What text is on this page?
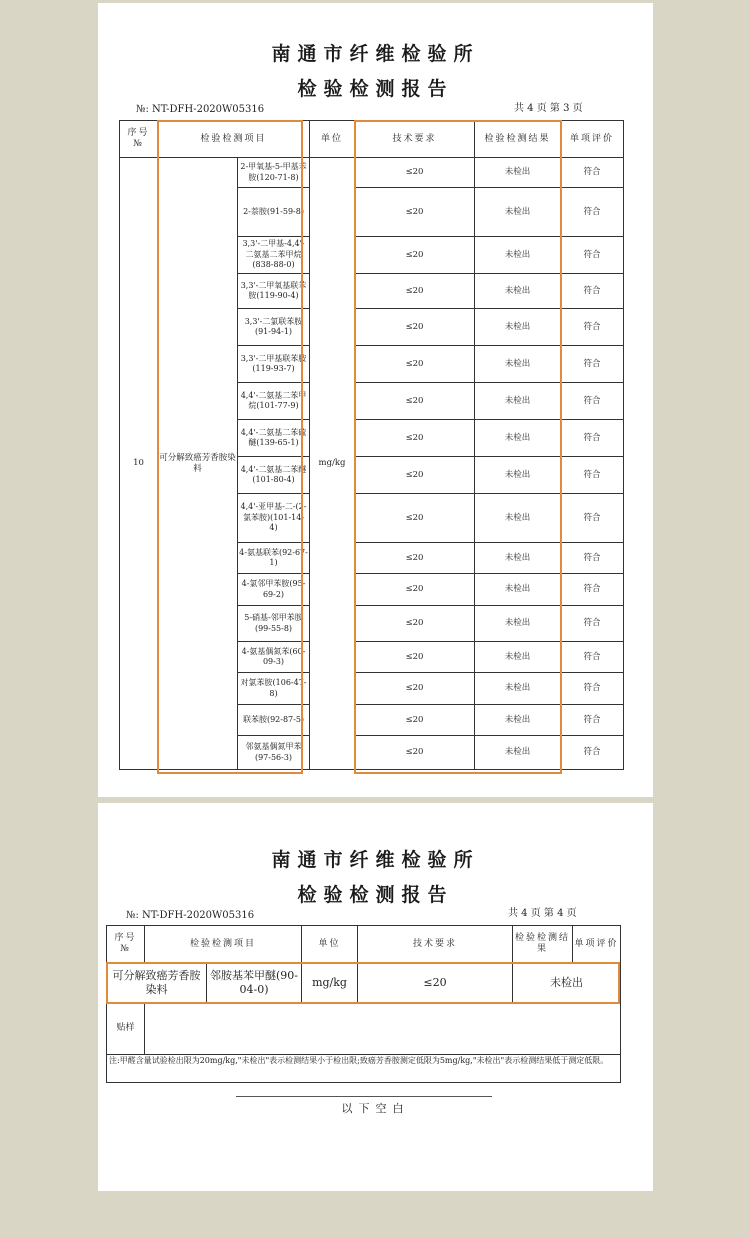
南通市纤维检验所
检验检测报告
№: NT-DFH-2020W05316	共 4 页 第 3 页
序号 №	检验检测项目		单位	技术要求	检验检测结果	单项评价
10	可分解致癌芳香胺染料	2-甲氧基-5-甲基苯胺(120-71-8)	mg/kg	≤20	未检出	符合
		2-萘胺(91-59-8)		≤20	未检出	符合
		3,3'-二甲基-4,4'-二氨基二苯甲烷(838-88-0)		≤20	未检出	符合
		3,3'-二甲氧基联苯胺(119-90-4)		≤20	未检出	符合
		3,3'-二氯联苯胺(91-94-1)		≤20	未检出	符合
		3,3'-二甲基联苯胺(119-93-7)		≤20	未检出	符合
		4,4'-二氨基二苯甲烷(101-77-9)		≤20	未检出	符合
		4,4'-二氨基二苯硫醚(139-65-1)		≤20	未检出	符合
		4,4'-二氨基二苯醚(101-80-4)		≤20	未检出	符合
		4,4'-亚甲基-二-(2-氯苯胺)(101-14-4)		≤20	未检出	符合
		4-氨基联苯(92-67-1)		≤20	未检出	符合
		4-氯邻甲苯胺(95-69-2)		≤20	未检出	符合
		5-硝基-邻甲苯胺(99-55-8)		≤20	未检出	符合
		4-氨基偶氮苯(60-09-3)		≤20	未检出	符合
		对氯苯胺(106-47-8)		≤20	未检出	符合
		联苯胺(92-87-5)		≤20	未检出	符合
		邻氨基偶氮甲苯(97-56-3)		≤20	未检出	符合
南通市纤维检验所
检验检测报告
№: NT-DFH-2020W05316	共 4 页 第 4 页
序号 №	检验检测项目		单位	技术要求	检验检测结果	单项评价
可分解致癌芳香胺染料		邻胺基苯甲醚(90-04-0)	mg/kg	≤20	未检出	
贴样						

注:甲醛含量试验检出限为20mg/kg,"未检出"表示检测结果小于检出限;致癌芳香胺测定低限为5mg/kg,"未检出"表示检测结果低于测定低限。
以下空白
